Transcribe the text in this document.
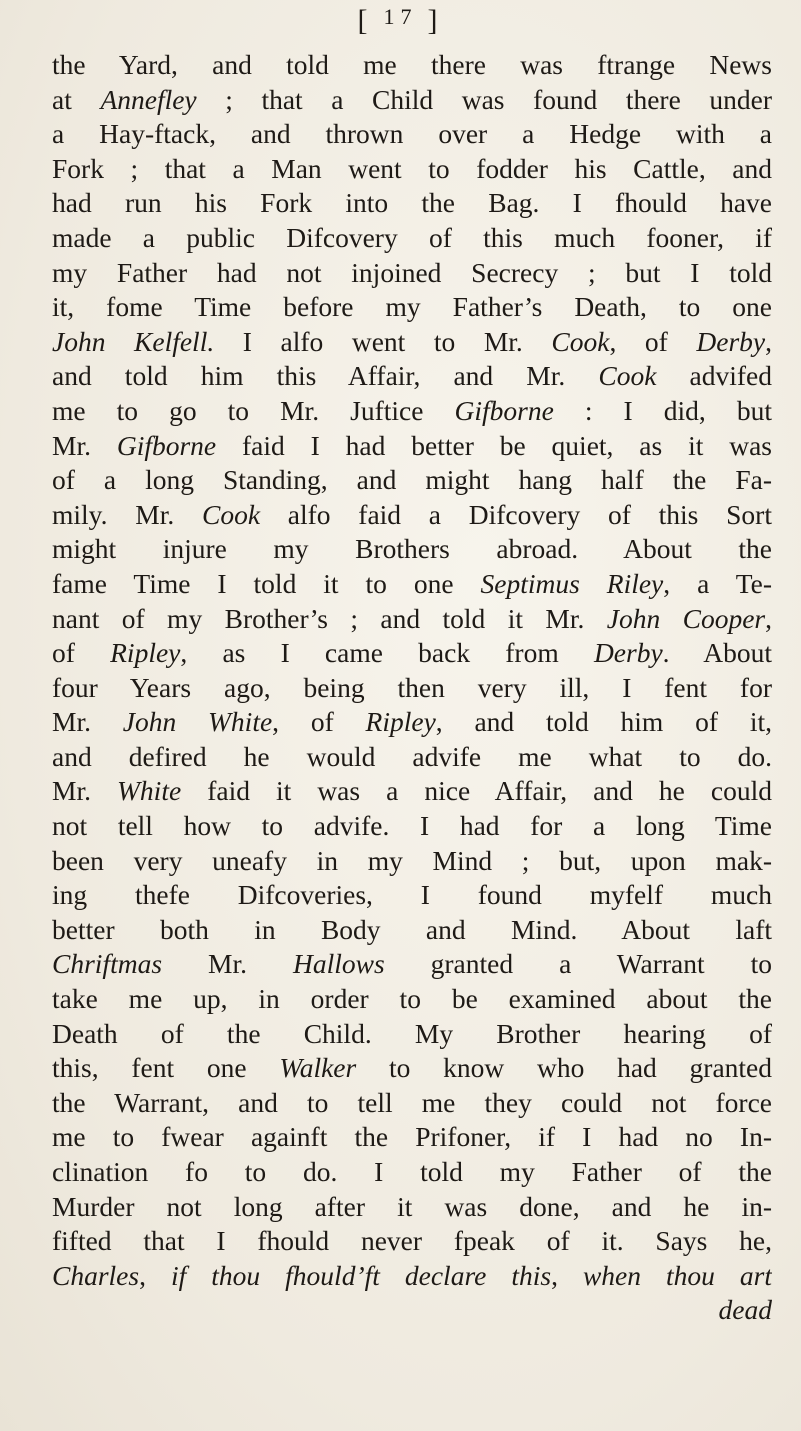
[ $^{17}$ ]
the Yard, and told me there was ftrange News
at Annefley ; that a Child was found there under
a Hay-ftack, and thrown over a Hedge with a
Fork ; that a Man went to fodder his Cattle, and
had run his Fork into the Bag. I fhould have
made a public Difcovery of this much fooner, if
my Father had not injoined Secrecy ; but I told
it, fome Time before my Father’s Death, to one
John Kelfell. I alfo went to Mr. Cook, of Derby,
and told him this Affair, and Mr. Cook advifed
me to go to Mr. Juftice Gifborne : I did, but
Mr. Gifborne faid I had better be quiet, as it was
of a long Standing, and might hang half the Fa-
mily. Mr. Cook alfo faid a Difcovery of this Sort
might injure my Brothers abroad. About the
fame Time I told it to one Septimus Riley, a Te-
nant of my Brother’s ; and told it Mr. John Cooper,
of Ripley, as I came back from Derby. About
four Years ago, being then very ill, I fent for
Mr. John White, of Ripley, and told him of it,
and defired he would advife me what to do.
Mr. White faid it was a nice Affair, and he could
not tell how to advife. I had for a long Time
been very uneafy in my Mind ; but, upon mak-
ing thefe Difcoveries, I found myfelf much
better both in Body and Mind. About laft
Chriftmas Mr. Hallows granted a Warrant to
take me up, in order to be examined about the
Death of the Child. My Brother hearing of
this, fent one Walker to know who had granted
the Warrant, and to tell me they could not force
me to fwear againft the Prifoner, if I had no In-
clination fo to do. I told my Father of the
Murder not long after it was done, and he in-
fifted that I fhould never fpeak of it. Says he,
Charles, if thou fhould’ft declare this, when thou art
dead
